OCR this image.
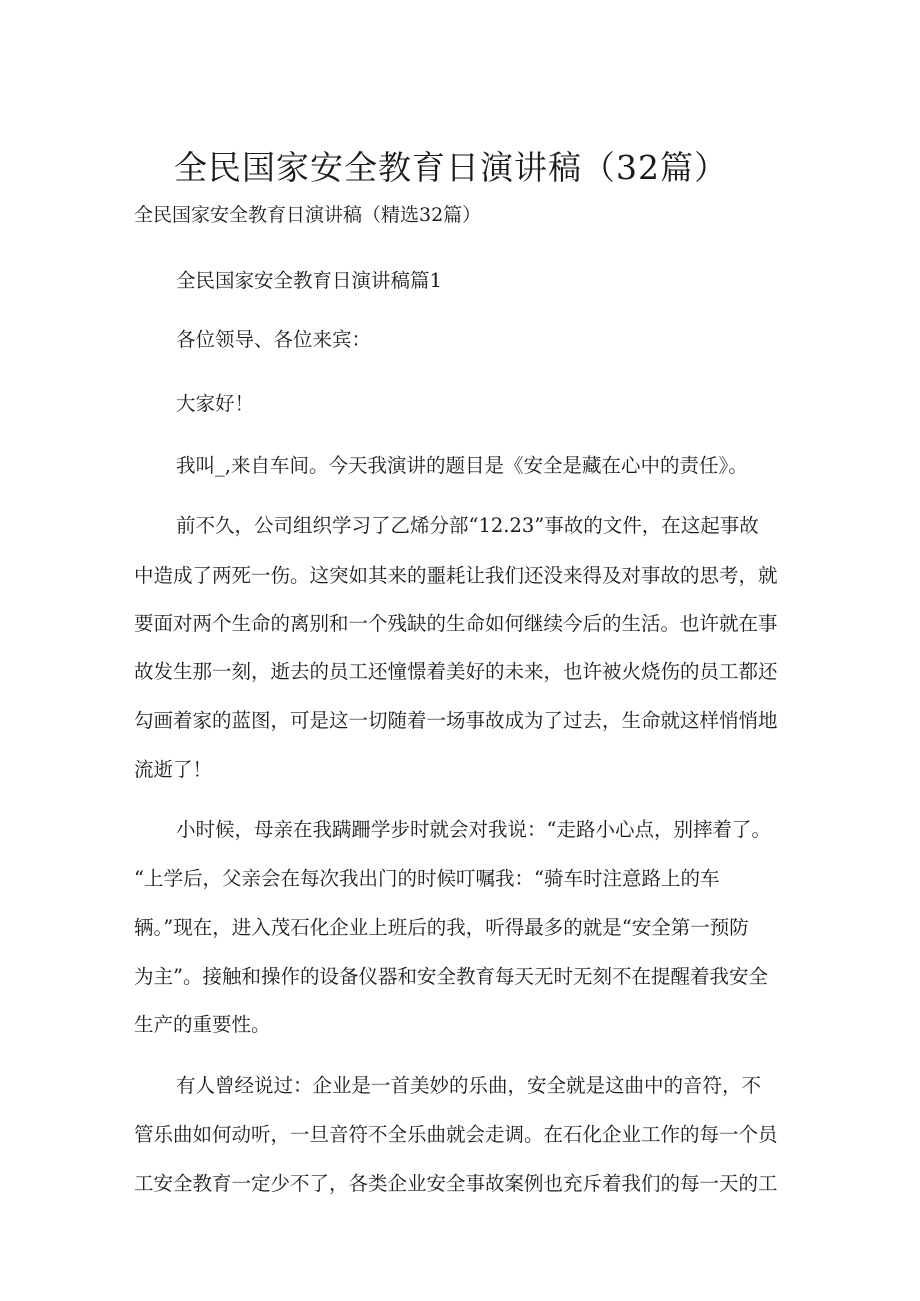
全民国家安全教育日演讲稿（32篇）

全民国家安全教育日演讲稿（精选32篇）

全民国家安全教育日演讲稿篇1

各位领导、各位来宾：

大家好！

我叫_,来自车间。今天我演讲的题目是《安全是藏在心中的责任》。

前不久，公司组织学习了乙烯分部“12.23”事故的文件，在这起事故

中造成了两死一伤。这突如其来的噩耗让我们还没来得及对事故的思考，就

要面对两个生命的离别和一个残缺的生命如何继续今后的生活。也许就在事

故发生那一刻，逝去的员工还憧憬着美好的未来，也许被火烧伤的员工都还

勾画着家的蓝图，可是这一切随着一场事故成为了过去，生命就这样悄悄地

流逝了！

小时候，母亲在我蹒跚学步时就会对我说：“走路小心点，别摔着了。

“上学后，父亲会在每次我出门的时候叮嘱我：“骑车时注意路上的车

辆。”现在，进入茂石化企业上班后的我，听得最多的就是“安全第一预防

为主”。接触和操作的设备仪器和安全教育每天无时无刻不在提醒着我安全

生产的重要性。

有人曾经说过：企业是一首美妙的乐曲，安全就是这曲中的音符，不

管乐曲如何动听，一旦音符不全乐曲就会走调。在石化企业工作的每一个员

工安全教育一定少不了，各类企业安全事故案例也充斥着我们的每一天的工
